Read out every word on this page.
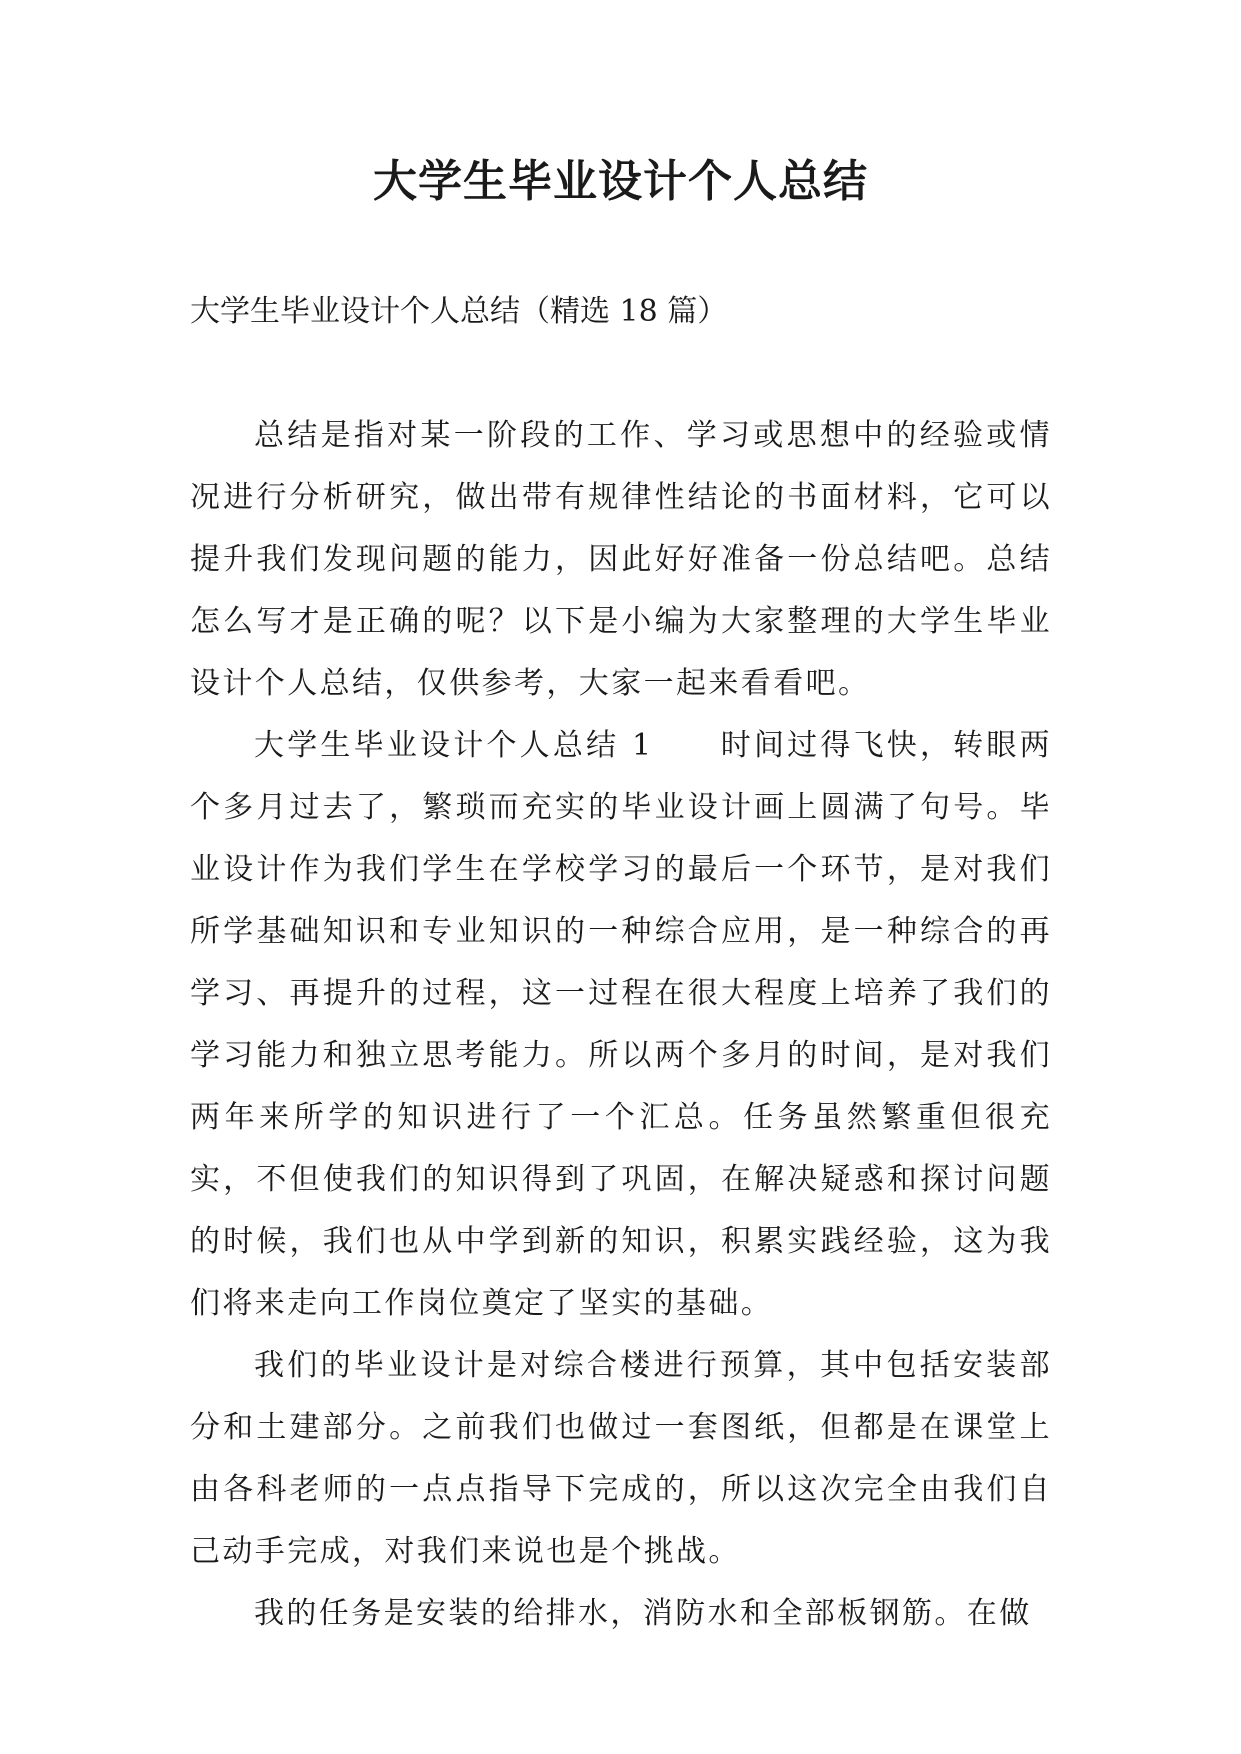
大学生毕业设计个人总结
大学生毕业设计个人总结（精选 18 篇）

总结是指对某一阶段的工作、学习或思想中的经验或情况进行分析研究，做出带有规律性结论的书面材料，它可以提升我们发现问题的能力，因此好好准备一份总结吧。总结怎么写才是正确的呢？以下是小编为大家整理的大学生毕业设计个人总结，仅供参考，大家一起来看看吧。

大学生毕业设计个人总结 1　　时间过得飞快，转眼两个多月过去了，繁琐而充实的毕业设计画上圆满了句号。毕业设计作为我们学生在学校学习的最后一个环节，是对我们所学基础知识和专业知识的一种综合应用，是一种综合的再学习、再提升的过程，这一过程在很大程度上培养了我们的学习能力和独立思考能力。所以两个多月的时间，是对我们两年来所学的知识进行了一个汇总。任务虽然繁重但很充实，不但使我们的知识得到了巩固，在解决疑惑和探讨问题的时候，我们也从中学到新的知识，积累实践经验，这为我们将来走向工作岗位奠定了坚实的基础。

我们的毕业设计是对综合楼进行预算，其中包括安装部分和土建部分。之前我们也做过一套图纸，但都是在课堂上由各科老师的一点点指导下完成的，所以这次完全由我们自己动手完成，对我们来说也是个挑战。

我的任务是安装的给排水，消防水和全部板钢筋。在做
